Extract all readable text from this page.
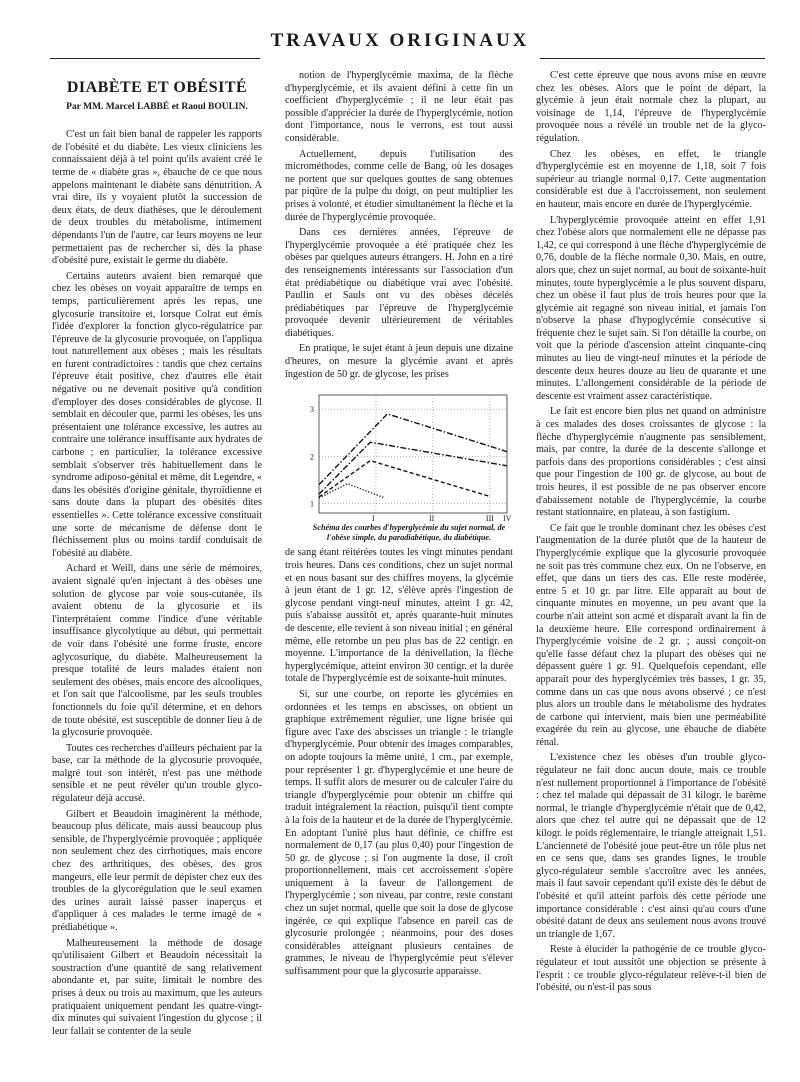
TRAVAUX ORIGINAUX
DIABÈTE ET OBÉSITÉ
Par MM. Marcel LABBÉ et Raoul BOULIN.

C'est un fait bien banal de rappeler les rapports de l'obésité et du diabète. Les vieux cliniciens les connaissaient déjà à tel point qu'ils avaient créé le terme de « diabète gras », ébauche de ce que nous appelons maintenant le diabète sans dénutrition. A vrai dire, ils y voyaient plutôt la succession de deux états, de deux diathèses, que le déroulement de deux troubles du métabolisme, intimement dépendants l'un de l'autre, car leurs moyens ne leur permettaient pas de rechercher si, dès la phase d'obésité pure, existait le germe du diabète.

Certains auteurs avaient bien remarqué que chez les obèses on voyait apparaître de temps en temps, particulièrement après les repas, une glycosurie transitoire et, lorsque Colrat eut émis l'idée d'explorer la fonction glyco-régulatrice par l'épreuve de la glycosurie provoquée, on l'appliqua tout naturellement aux obèses ; mais les résultats en furent contradictoires : tandis que chez certains l'épreuve était positive, chez d'autres elle était négative ou ne devenait positive qu'à condition d'employer des doses considérables de glycose. Il semblait en découler que, parmi les obèses, les uns présentaient une tolérance excessive, les autres au contraire une tolérance insuffisante aux hydrates de carbone ; en particulier, la tolérance excessive semblait s'observer très habituellement dans le syndrome adiposo-génital et même, dit Legendre, « dans les obésités d'origine génitale, thyroïdienne et sans doute dans la plupart des obésités dites essentielles ». Cette tolérance excessive constituait une sorte de mécanisme de défense dont le fléchissement plus ou moins tardif conduisait de l'obésité au diabète.

Achard et Weill, dans une série de mémoires, avaient signalé qu'en injectant à des obèses une solution de glycose par voie sous-cutanée, ils avaient obtenu de la glycosurie et ils l'interprétaient comme l'indice d'une véritable insuffisance glycolytique au début, qui permettait de voir dans l'obésité une forme fruste, encore aglycosurique, du diabète. Malheureusement la presque totalité de leurs malades étaient non seulement des obèses, mais encore des alcooliques, et l'on sait que l'alcoolisme, par les seuls troubles fonctionnels du foie qu'il détermine, et en dehors de toute obésité, est susceptible de donner lieu à de la glycosurie provoquée.

Toutes ces recherches d'ailleurs péchaient par la base, car la méthode de la glycosurie provoquée, malgré tout son intérêt, n'est pas une méthode sensible et ne peut révéler qu'un trouble glyco-régulateur déjà accusé.

Gilbert et Beaudoin imaginèrent la méthode, beaucoup plus délicate, mais aussi beaucoup plus sensible, de l'hyperglycémie provoquée ; appliquée non seulement chez des cirrhotiques, mais encore chez des arthritiques, des obèses, des gros mangeurs, elle leur permit de dépister chez eux des troubles de la glycorégulation que le seul examen des urines aurait laissé passer inaperçus et d'appliquer à ces malades le terme imagé de « prédiabétique ».

Malheureusement la méthode de dosage qu'utilisaient Gilbert et Beaudoin nécessitait la soustraction d'une quantité de sang relativement abondante et, par suite, limitait le nombre des prises à deux ou trois au maximum, que les auteurs pratiquaient uniquement pendant les quatre-vingt-dix minutes qui suivaient l'ingestion du glycose ; il leur fallait se contenter de la seule

notion de l'hyperglycémie maxima, de la flèche d'hyperglycémie, et ils avaient défini à cette fin un coefficient d'hyperglycémie ; il ne leur était pas possible d'apprécier la durée de l'hyperglycémie, notion dont l'importance, nous le verrons, est tout aussi considérable.

Actuellement, depuis l'utilisation des microméthodes, comme celle de Bang, où les dosages ne portent que sur quelques gouttes de sang obtenues par piqûre de la pulpe du doigt, on peut multiplier les prises à volonté, et étudier simultanément la flèche et la durée de l'hyperglycémie provoquée.

Dans ces dernières années, l'épreuve de l'hyperglycémie provoquée a été pratiquée chez les obèses par quelques auteurs étrangers. H. John en a tiré des renseignements intéressants sur l'association d'un état prédiabétique ou diabétique vrai avec l'obésité. Paullin et Sauls ont vu des obèses décelés prédiabétiques par l'épreuve de l'hyperglycémie provoquée devenir ultérieurement de véritables diabétiques.

En pratique, le sujet étant à jeun depuis une dizaine d'heures, on mesure la glycémie avant et après ingestion de 50 gr. de glycose, les prises

1
2
3
I	II	III IV
Schéma des courbes d'hyperglycémie du sujet normal, de l'obèse simple, du paradiabétique, du diabétique.

de sang étant réitérées toutes les vingt minutes pendant trois heures. Dans ces conditions, chez un sujet normal et en nous basant sur des chiffres moyens, la glycémie à jeun étant de 1 gr. 12, s'élève après l'ingestion de glycose pendant vingt-neuf minutes, atteint 1 gr. 42, puis s'abaisse aussitôt et, après quarante-huit minutes de descente, elle revient à son niveau initial ; en général même, elle retombe un peu plus bas de 22 centigr. en moyenne. L'importance de la dénivellation, la flèche hyperglycémique, atteint environ 30 centigr. et la durée totale de l'hyperglycémie est de soixante-huit minutes.

Si, sur une courbe, on reporte les glycémies en ordonnées et les temps en abscisses, on obtient un graphique extrêmement régulier, une ligne brisée qui figure avec l'axe des abscisses un triangle : le triangle d'hyperglycémie. Pour obtenir des images comparables, on adopte toujours la même unité, 1 cm., par exemple, pour représenter 1 gr. d'hyperglycémie et une heure de temps. Il suffit alors de mesurer ou de calculer l'aire du triangle d'hyperglycémie pour obtenir un chiffre qui traduit intégralement la réaction, puisqu'il tient compte à la fois de la hauteur et de la durée de l'hyperglycémie. En adoptant l'unité plus haut définie, ce chiffre est normalement de 0,17 (au plus 0,40) pour l'ingestion de 50 gr. de glycose ; si l'on augmente la dose, il croît proportionnellement, mais cet accroissement s'opère uniquement à la faveur de l'allongement de l'hyperglycémie ; son niveau, par contre, reste constant chez un sujet normal, quelle que soit la dose de glycose ingérée, ce qui explique l'absence en pareil cas de glycosurie prolongée ; néanmoins, pour des doses considérables atteignant plusieurs centaines de grammes, le niveau de l'hyperglycémie peut s'élever suffisamment pour que la glycosurie apparaisse.

C'est cette épreuve que nous avons mise en œuvre chez les obèses. Alors que le point de départ, la glycémie à jeun était normale chez la plupart, au voisinage de 1,14, l'épreuve de l'hyperglycémie provoquée nous a révélé un trouble net de la glyco-régulation.

Chez les obèses, en effet, le triangle d'hyperglycémie est en moyenne de 1,18, soit 7 fois supérieur au triangle normal 0,17. Cette augmentation considérable est due à l'accroissement, non seulement en hauteur, mais encore en durée de l'hyperglycémie.

L'hyperglycémie provoquée atteint en effet 1,91 chez l'obèse alors que normalement elle ne dépasse pas 1,42, ce qui correspond à une flèche d'hyperglycémie de 0,76, double de la flèche normale 0,30. Mais, en outre, alors que, chez un sujet normal, au bout de soixante-huit minutes, toute hyperglycémie a le plus souvent disparu, chez un obèse il faut plus de trois heures pour que la glycémie ait regagné son niveau initial, et jamais l'on n'observe la phase d'hypoglycémie consécutive si fréquente chez le sujet sain. Si l'on détaille la courbe, on voit que la période d'ascension atteint cinquante-cinq minutes au lieu de vingt-neuf minutes et la période de descente deux heures douze au lieu de quarante et une minutes. L'allongement considérable de la période de descente est vraiment assez caractéristique.

Le fait est encore bien plus net quand on administre à ces malades des doses croissantes de glycose : la flèche d'hyperglycémie n'augmente pas sensiblement, mais, par contre, la durée de la descente s'allonge et parfois dans des proportions considérables ; c'est ainsi que pour l'ingestion de 100 gr. de glycose, au bout de trois heures, il est possible de ne pas observer encore d'abaissement notable de l'hyperglycémie, la courbe restant stationnaire, en plateau, à son fastigium.

Ce fait que le trouble dominant chez les obèses c'est l'augmentation de la durée plutôt que de la hauteur de l'hyperglycémie explique que la glycosurie provoquée ne soit pas très commune chez eux. On ne l'observe, en effet, que dans un tiers des cas. Elle reste modérée, entre 5 et 10 gr. par litre. Elle apparaît au bout de cinquante minutes en moyenne, un peu avant que la courbe n'ait atteint son acmé et disparaît avant la fin de la deuxième heure. Elle correspond ordinairement à l'hyperglycémie voisine de 2 gr. ; aussi conçoit-on qu'elle fasse défaut chez la plupart des obèses qui ne dépassent guère 1 gr. 91. Quelquefois cependant, elle apparaît pour des hyperglycémies très basses, 1 gr. 35, comme dans un cas que nous avons observé ; ce n'est plus alors un trouble dans le métabolisme des hydrates de carbone qui intervient, mais bien une perméabilité exagérée du rein au glycose, une ébauche de diabète rénal.

L'existence chez les obèses d'un trouble glyco-régulateur ne fait donc aucun doute, mais ce trouble n'est nullement proportionnel à l'importance de l'obésité : chez tel malade qui dépassait de 31 kilogr. le barème normal, le triangle d'hyperglycémie n'était que de 0,42, alors que chez tel autre qui ne dépassait que de 12 kilogr. le poids réglementaire, le triangle atteignait 1,51. L'ancienneté de l'obésité joue peut-être un rôle plus net en ce sens que, dans ses grandes lignes, le trouble glyco-régulateur semble s'accroître avec les années, mais il faut savoir cependant qu'il existe dès le début de l'obésité et qu'il atteint parfois dès cette période une importance considérable : c'est ainsi qu'au cours d'une obésité datant de deux ans seulement nous avons trouvé un triangle de 1,67.

Reste à élucider la pathogénie de ce trouble glyco-régulateur et tout aussitôt une objection se présente à l'esprit : ce trouble glyco-régulateur relève-t-il bien de l'obésité, ou n'est-il pas sous
